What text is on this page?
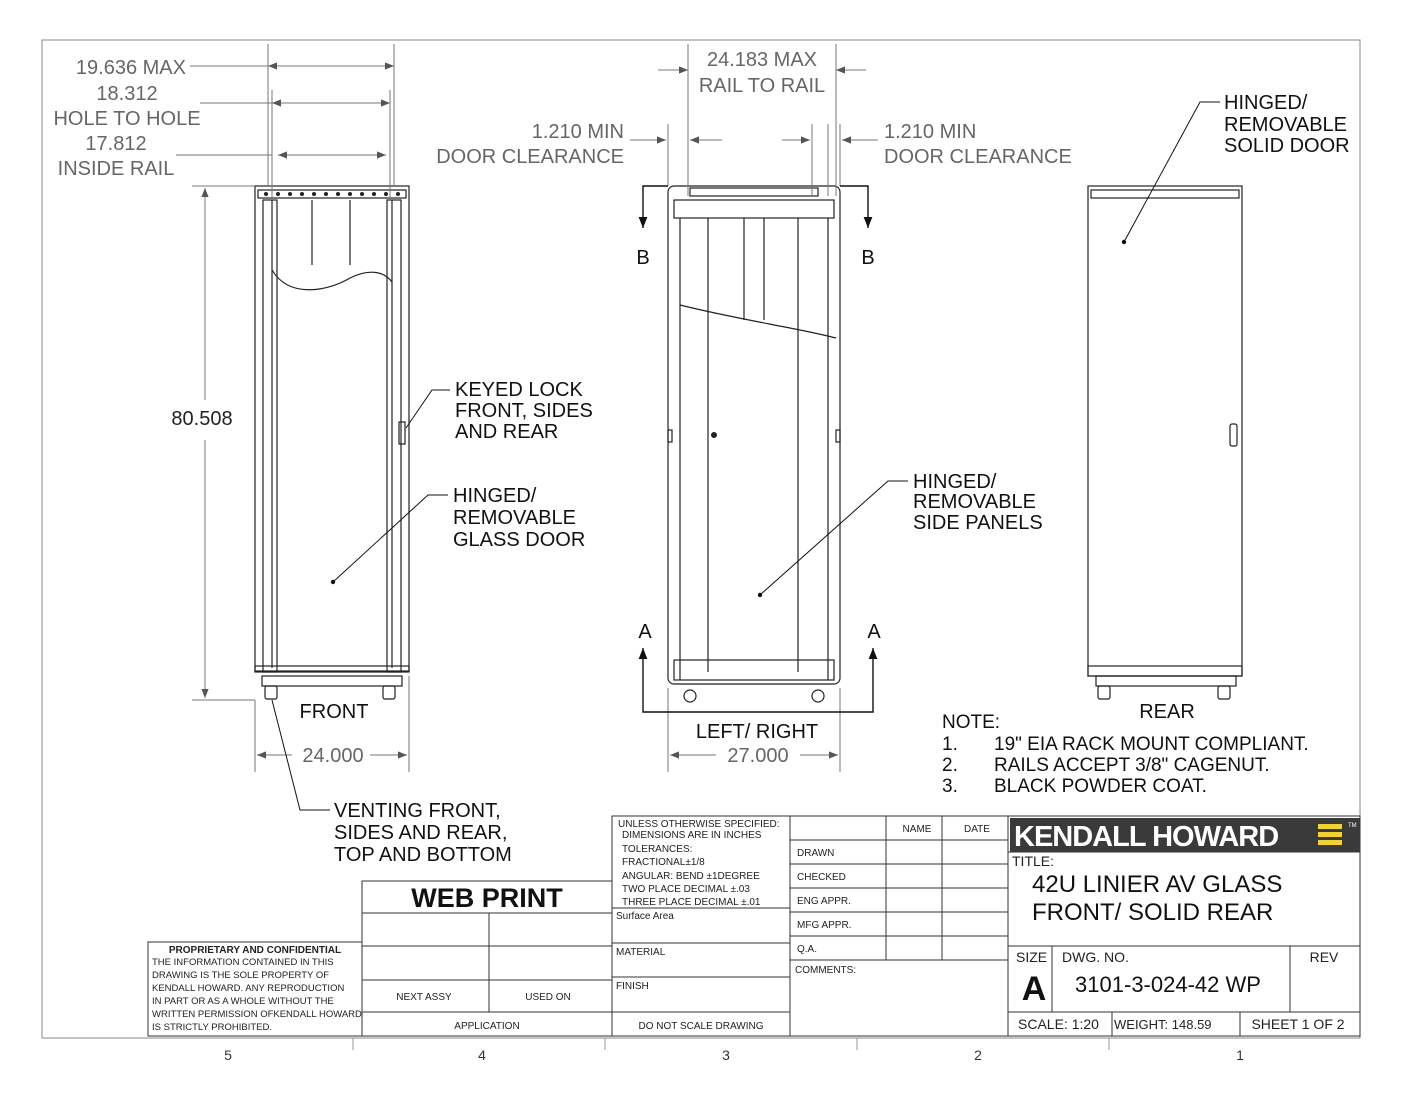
19.636 MAX
18.312
HOLE TO HOLE
17.812
INSIDE RAIL
80.508
24.000
24.183 MAX
RAIL TO RAIL
1.210 MIN
DOOR CLEARANCE
1.210 MIN
DOOR CLEARANCE
27.000
KEYED LOCK
FRONT, SIDES
AND REAR
HINGED/
REMOVABLE
GLASS DOOR
HINGED/
REMOVABLE
SIDE PANELS
HINGED/
REMOVABLE
SOLID DOOR
VENTING FRONT,
SIDES AND REAR,
TOP AND BOTTOM
FRONT
LEFT/ RIGHT
REAR
B	B
A	A
NOTE:
1. 19" EIA RACK MOUNT COMPLIANT.
2. RAILS ACCEPT 3/8" CAGENUT.
3. BLACK POWDER COAT.
PROPRIETARY AND CONFIDENTIAL
THE INFORMATION CONTAINED IN THIS
DRAWING IS THE SOLE PROPERTY OF
KENDALL HOWARD. ANY REPRODUCTION
IN PART OR AS A WHOLE WITHOUT THE
WRITTEN PERMISSION OFKENDALL HOWARD
IS STRICTLY PROHIBITED.
WEB PRINT
NEXT ASSY	USED ON
APPLICATION
UNLESS OTHERWISE SPECIFIED:
DIMENSIONS ARE IN INCHES
TOLERANCES:
FRACTIONAL±1/8
ANGULAR: BEND ±1DEGREE
TWO PLACE DECIMAL ±.03
THREE PLACE DECIMAL ±.01
Surface Area
MATERIAL
FINISH
DO NOT SCALE DRAWING
NAME	DATE
DRAWN
CHECKED
ENG APPR.
MFG APPR.
Q.A.
COMMENTS:
KENDALL HOWARD	TM
TITLE:
42U LINIER AV GLASS
FRONT/ SOLID REAR
SIZE
A
DWG. NO.
3101-3-024-42 WP
REV
SCALE: 1:20 WEIGHT: 148.59	SHEET 1 OF 2
5	4	3	2	1
